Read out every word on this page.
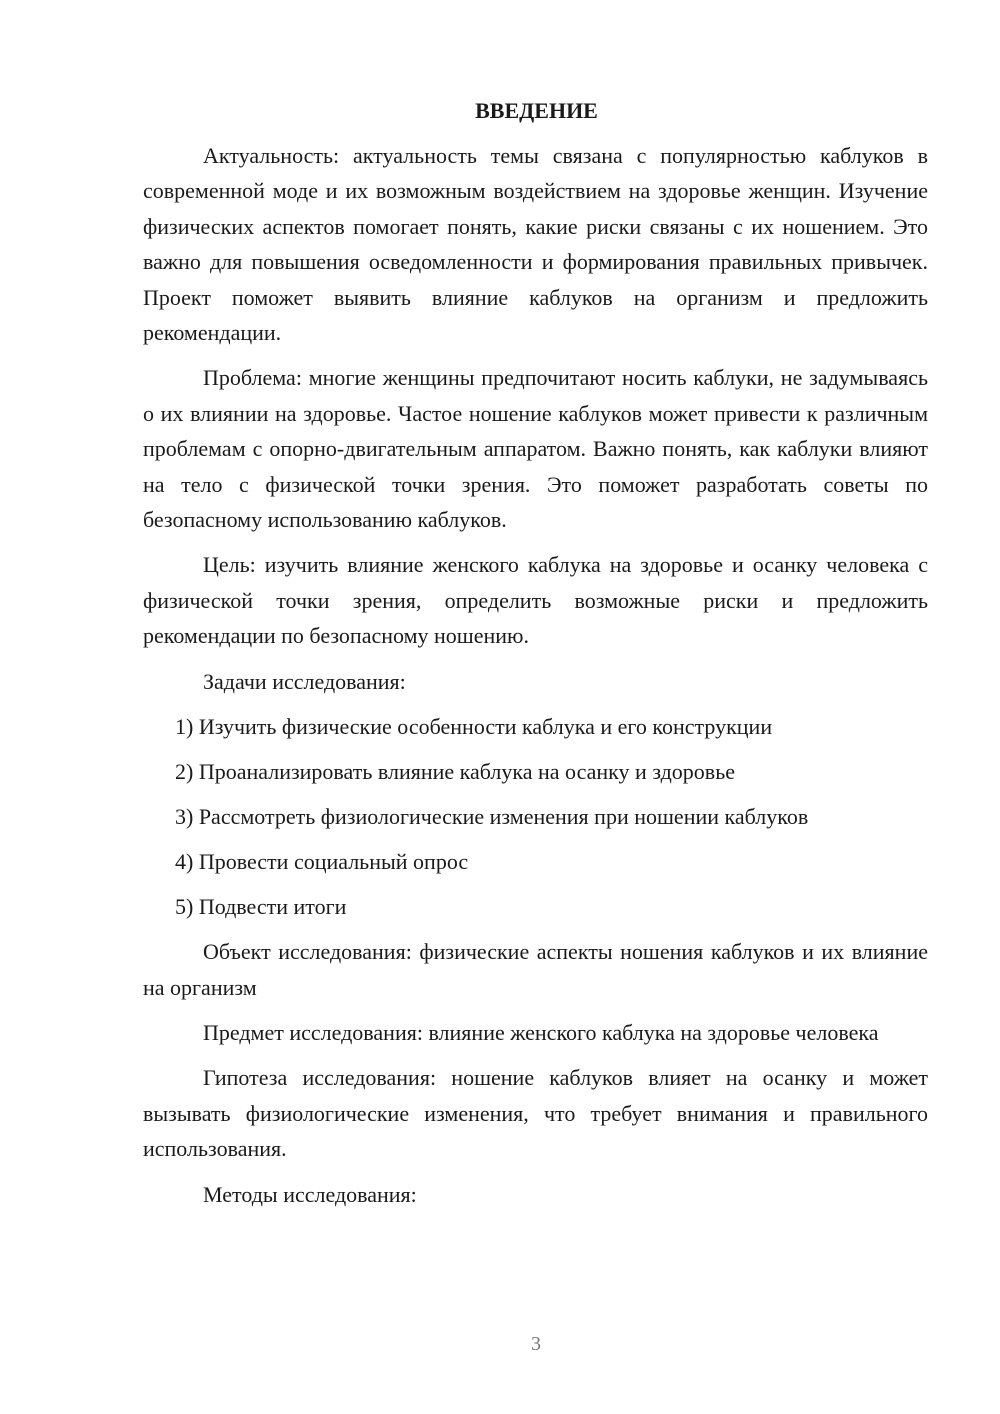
ВВЕДЕНИЕ

Актуальность: актуальность темы связана с популярностью каблуков в современной моде и их возможным воздействием на здоровье женщин. Изучение физических аспектов помогает понять, какие риски связаны с их ношением. Это важно для повышения осведомленности и формирования правильных привычек. Проект поможет выявить влияние каблуков на организм и предложить рекомендации.

Проблема: многие женщины предпочитают носить каблуки, не задумываясь о их влиянии на здоровье. Частое ношение каблуков может привести к различным проблемам с опорно-двигательным аппаратом. Важно понять, как каблуки влияют на тело с физической точки зрения. Это поможет разработать советы по безопасному использованию каблуков.

Цель: изучить влияние женского каблука на здоровье и осанку человека с физической точки зрения, определить возможные риски и предложить рекомендации по безопасному ношению.

Задачи исследования:

1) Изучить физические особенности каблука и его конструкции
2) Проанализировать влияние каблука на осанку и здоровье
3) Рассмотреть физиологические изменения при ношении каблуков
4) Провести социальный опрос
5) Подвести итоги

Объект исследования: физические аспекты ношения каблуков и их влияние на организм

Предмет исследования: влияние женского каблука на здоровье человека

Гипотеза исследования: ношение каблуков влияет на осанку и может вызывать физиологические изменения, что требует внимания и правильного использования.

Методы исследования:

3
